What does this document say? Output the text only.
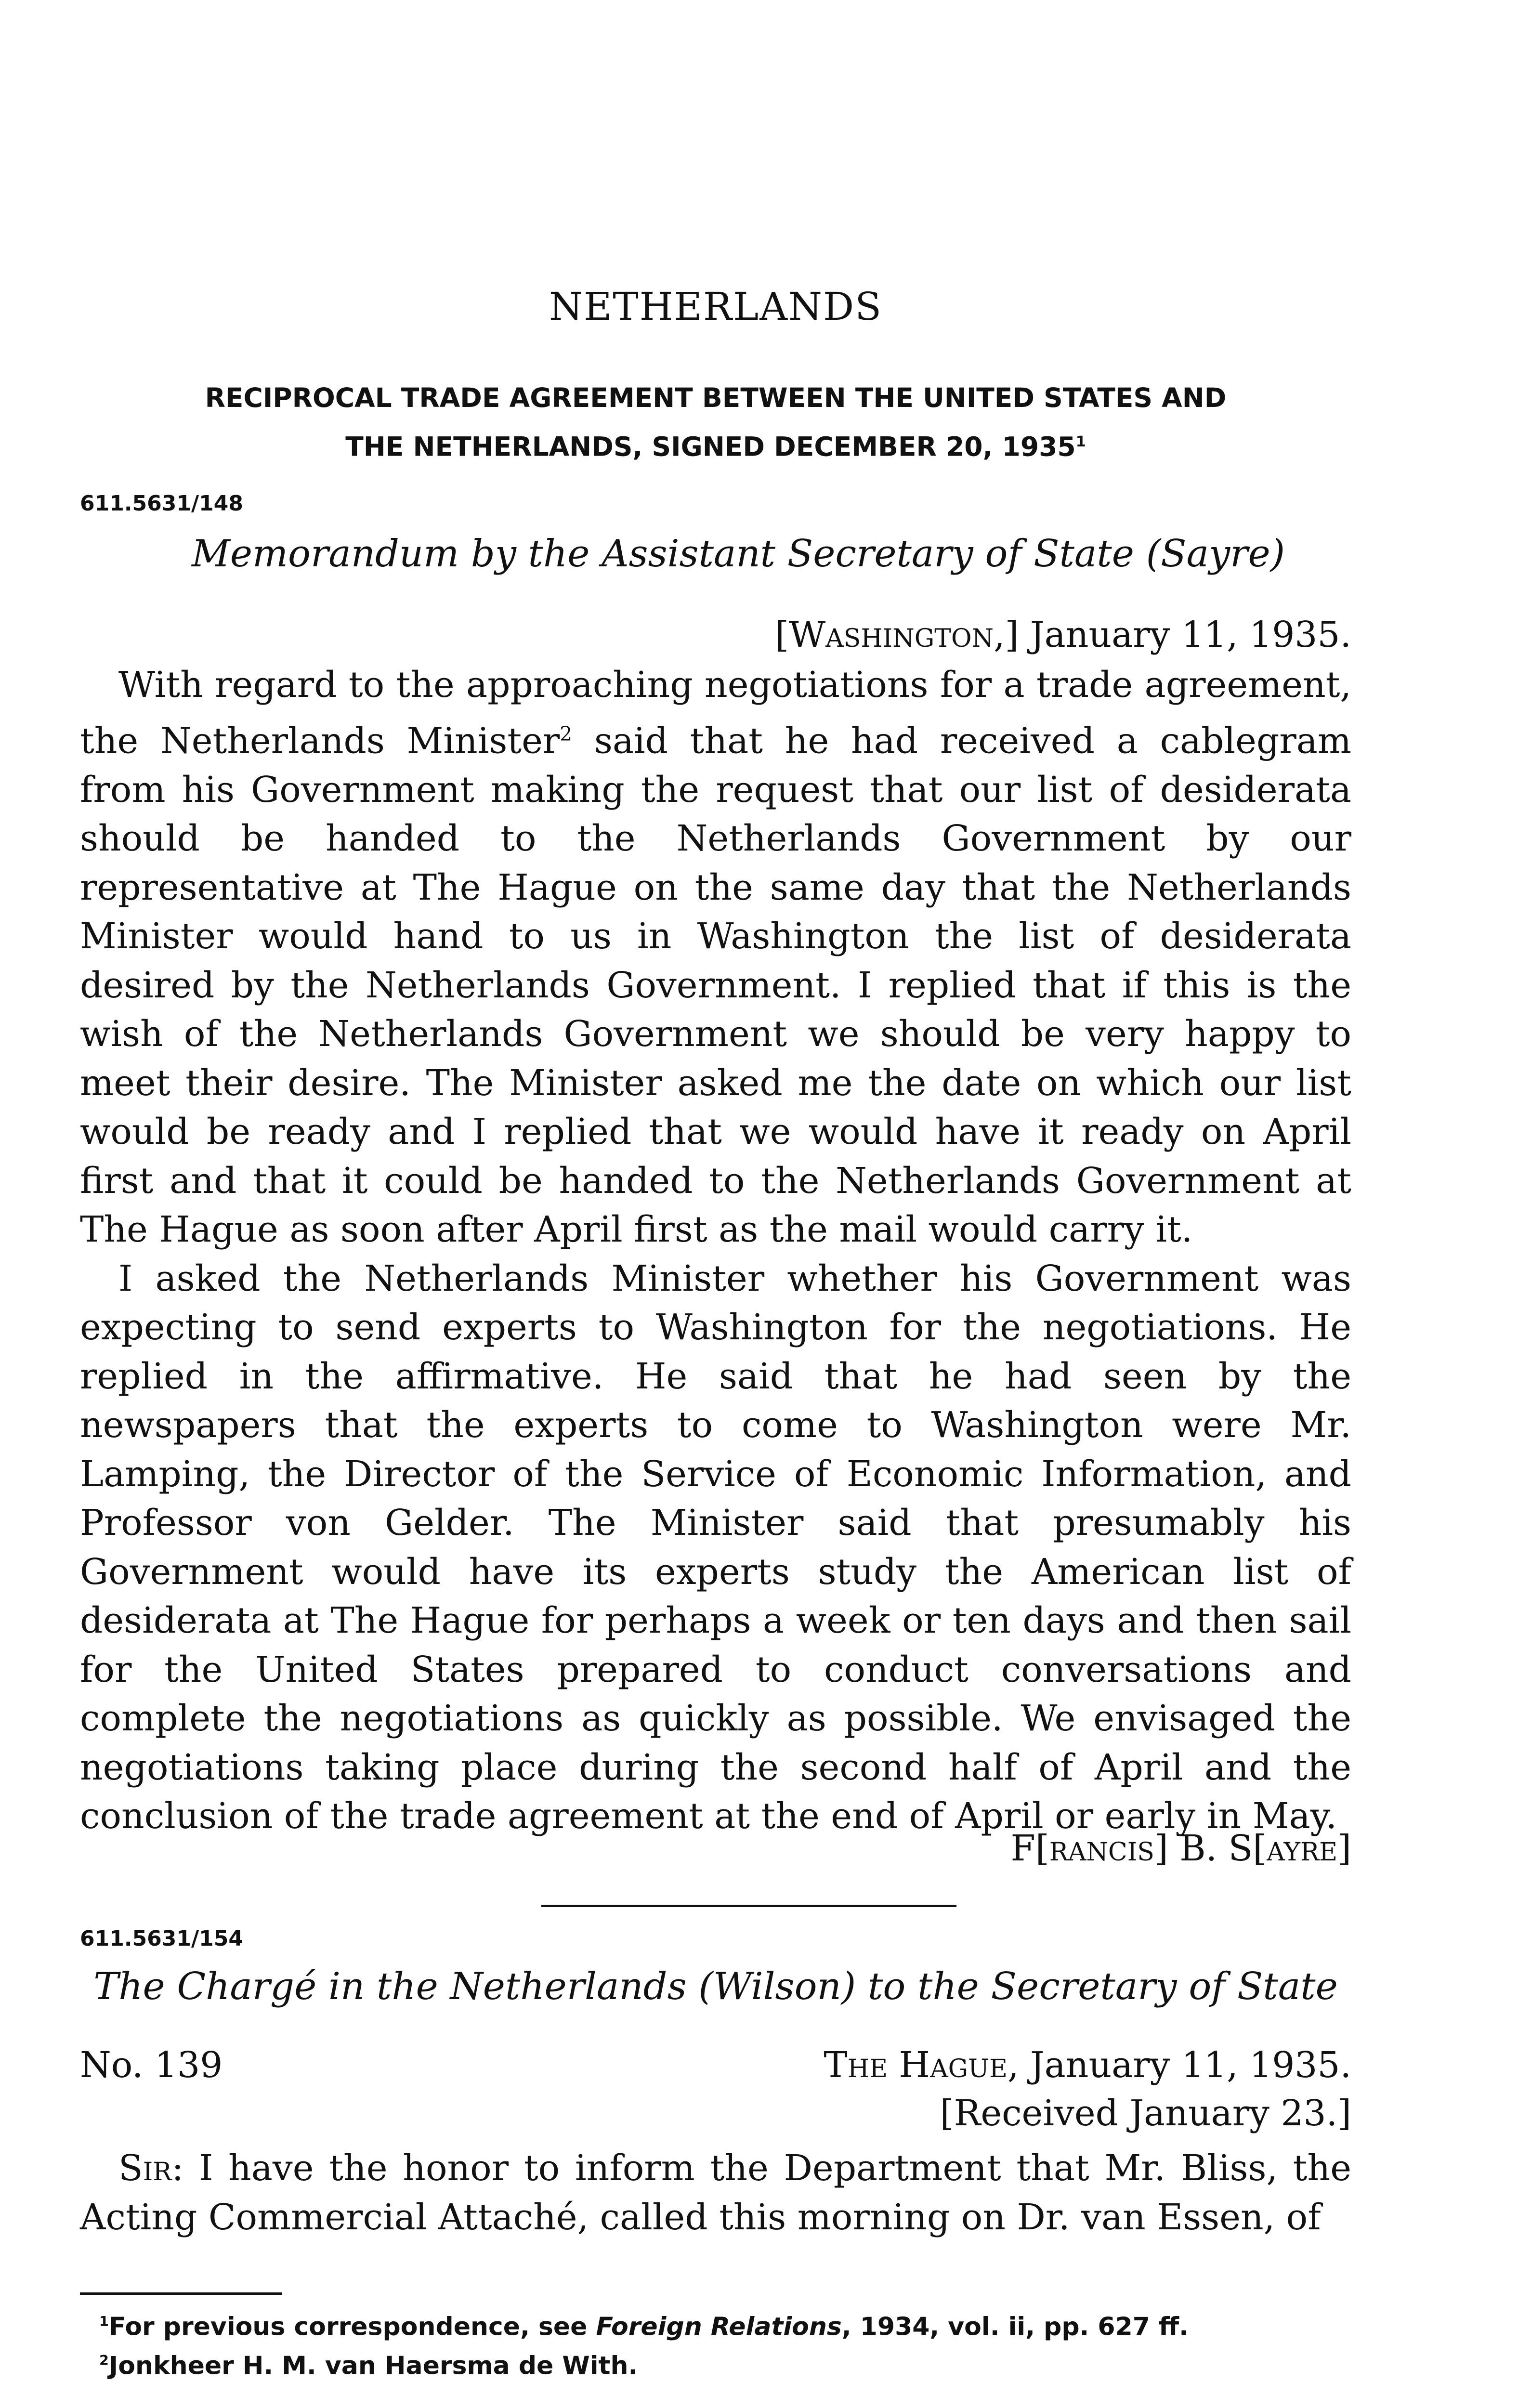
NETHERLANDS
RECIPROCAL TRADE AGREEMENT BETWEEN THE UNITED STATES AND
THE NETHERLANDS, SIGNED DECEMBER 20, 1935$^1$
611.5631/148
Memorandum by the Assistant Secretary of State (Sayre)
[Washington,] January 11, 1935.

With regard to the approaching negotiations for a trade agreement, the Netherlands Minister$^2$ said that he had received a cablegram from his Government making the request that our list of desiderata should be handed to the Netherlands Government by our representative at The Hague on the same day that the Netherlands Minister would hand to us in Washington the list of desiderata desired by the Netherlands Government. I replied that if this is the wish of the Netherlands Government we should be very happy to meet their desire. The Minister asked me the date on which our list would be ready and I replied that we would have it ready on April first and that it could be handed to the Netherlands Government at The Hague as soon after April first as the mail would carry it.

I asked the Netherlands Minister whether his Government was expecting to send experts to Washington for the negotiations. He replied in the affirmative. He said that he had seen by the newspapers that the experts to come to Washington were Mr. Lamping, the Director of the Service of Economic Information, and Professor von Gelder. The Minister said that presumably his Government would have its experts study the American list of desiderata at The Hague for perhaps a week or ten days and then sail for the United States prepared to conduct conversations and complete the negotiations as quickly as possible. We envisaged the negotiations taking place during the second half of April and the conclusion of the trade agreement at the end of April or early in May.

F[rancis] B. S[ayre]
611.5631/154
The Chargé in the Netherlands (Wilson) to the Secretary of State
No. 139	The Hague, January 11, 1935.
[Received January 23.]

Sir: I have the honor to inform the Department that Mr. Bliss, the Acting Commercial Attaché, called this morning on Dr. van Essen, of

$^1$For previous correspondence, see Foreign Relations, 1934, vol. ii, pp. 627 ff.
$^2$Jonkheer H. M. van Haersma de With.
